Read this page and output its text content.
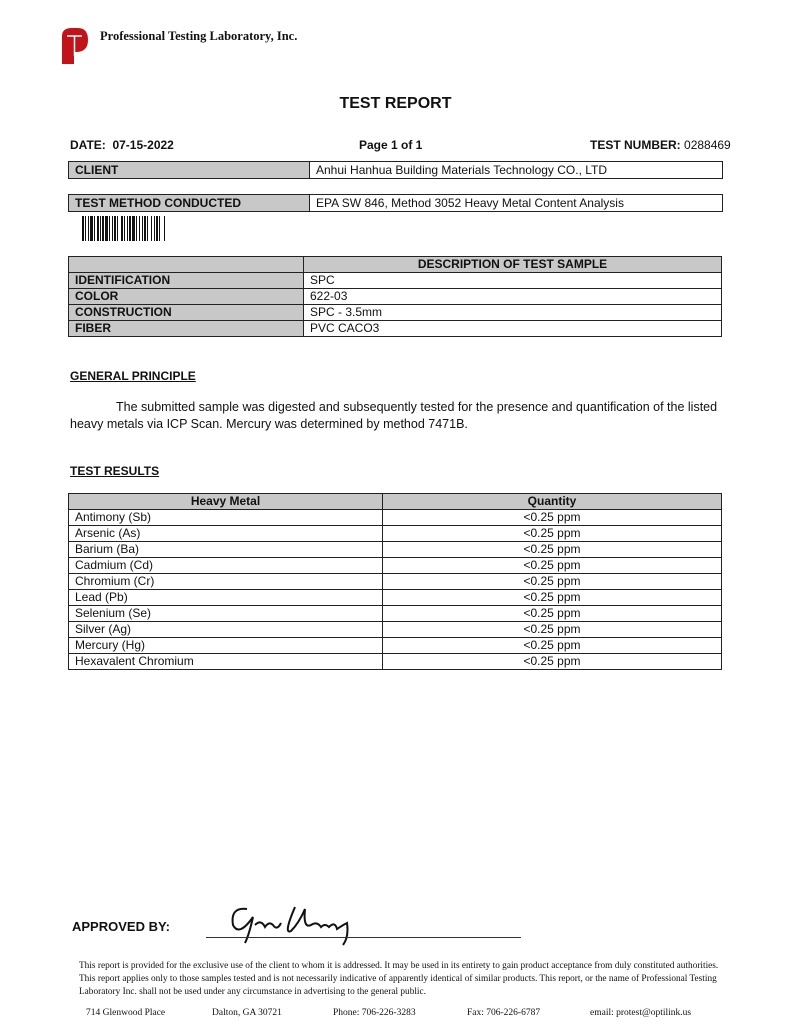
Professional Testing Laboratory, Inc.
TEST REPORT
DATE: 07-15-2022	Page 1 of 1	TEST NUMBER: 0288469
CLIENT	Anhui Hanhua Building Materials Technology CO., LTD
TEST METHOD CONDUCTED	EPA SW 846, Method 3052 Heavy Metal Content Analysis
	DESCRIPTION OF TEST SAMPLE
IDENTIFICATION	SPC
COLOR	622-03
CONSTRUCTION	SPC - 3.5mm
FIBER	PVC CACO3
GENERAL PRINCIPLE
The submitted sample was digested and subsequently tested for the presence and quantification of the listed heavy metals via ICP Scan. Mercury was determined by method 7471B.
TEST RESULTS
Heavy Metal	Quantity
Antimony (Sb)	<0.25 ppm
Arsenic (As)	<0.25 ppm
Barium (Ba)	<0.25 ppm
Cadmium (Cd)	<0.25 ppm
Chromium (Cr)	<0.25 ppm
Lead (Pb)	<0.25 ppm
Selenium (Se)	<0.25 ppm
Silver (Ag)	<0.25 ppm
Mercury (Hg)	<0.25 ppm
Hexavalent Chromium	<0.25 ppm
APPROVED BY:
This report is provided for the exclusive use of the client to whom it is addressed. It may be used in its entirety to gain product acceptance from duly constituted authorities. This report applies only to those samples tested and is not necessarily indicative of apparently identical of similar products. This report, or the name of Professional Testing Laboratory Inc. shall not be used under any circumstance in advertising to the general public.
714 Glenwood Place	Dalton, GA 30721	Phone: 706-226-3283	Fax: 706-226-6787	email: protest@optilink.us
